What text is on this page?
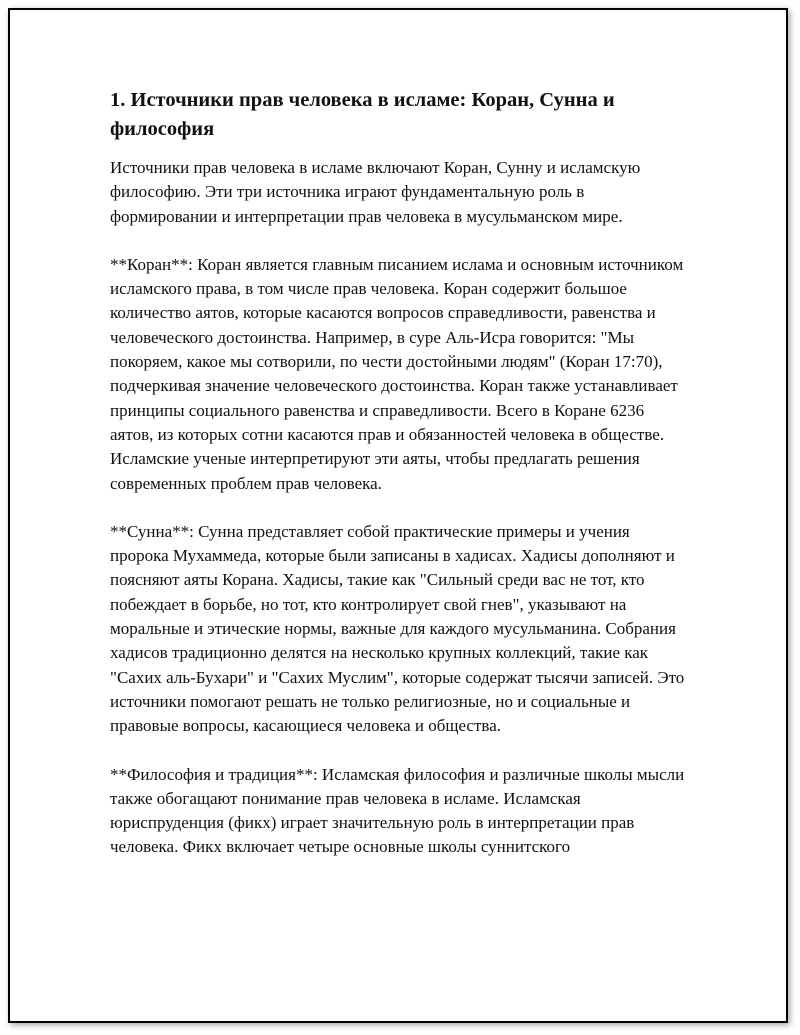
1. Источники прав человека в исламе: Коран, Сунна и философия

Источники прав человека в исламе включают Коран, Сунну и исламскую философию. Эти три источника играют фундаментальную роль в формировании и интерпретации прав человека в мусульманском мире.

**Коран**: Коран является главным писанием ислама и основным источником исламского права, в том числе прав человека. Коран содержит большое количество аятов, которые касаются вопросов справедливости, равенства и человеческого достоинства. Например, в суре Аль-Исра говорится: "Мы покоряем, какое мы сотворили, по чести достойными людям" (Коран 17:70), подчеркивая значение человеческого достоинства. Коран также устанавливает принципы социального равенства и справедливости. Всего в Коране 6236 аятов, из которых сотни касаются прав и обязанностей человека в обществе. Исламские ученые интерпретируют эти аяты, чтобы предлагать решения современных проблем прав человека.

**Сунна**: Сунна представляет собой практические примеры и учения пророка Мухаммеда, которые были записаны в хадисах. Хадисы дополняют и поясняют аяты Корана. Хадисы, такие как "Сильный среди вас не тот, кто побеждает в борьбе, но тот, кто контролирует свой гнев", указывают на моральные и этические нормы, важные для каждого мусульманина. Собрания хадисов традиционно делятся на несколько крупных коллекций, такие как "Сахих аль-Бухари" и "Сахих Муслим", которые содержат тысячи записей. Это источники помогают решать не только религиозные, но и социальные и правовые вопросы, касающиеся человека и общества.

**Философия и традиция**: Исламская философия и различные школы мысли также обогащают понимание прав человека в исламе. Исламская юриспруденция (фикх) играет значительную роль в интерпретации прав человека. Фикх включает четыре основные школы суннитского
